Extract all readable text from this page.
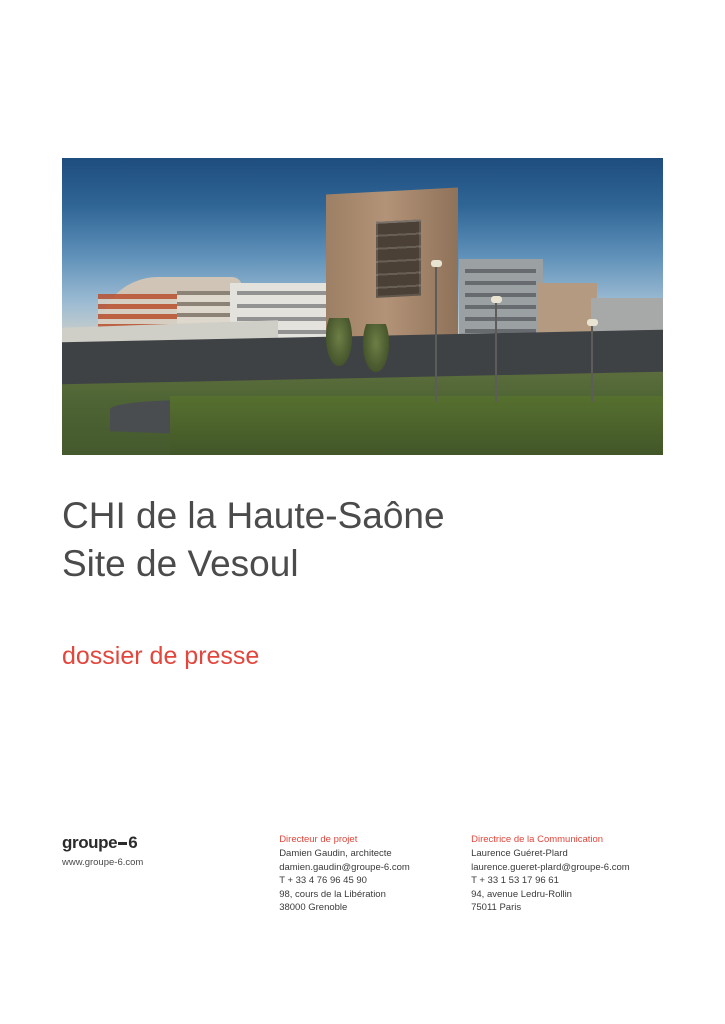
CHI de la Haute-Saône
Site de Vesoul
dossier de presse
groupe 6
www.groupe-6.com
Directeur de projet
Damien Gaudin, architecte
damien.gaudin@groupe-6.com
T + 33 4 76 96 45 90
98, cours de la Libération
38000 Grenoble
Directrice de la Communication
Laurence Guéret-Plard
laurence.gueret-plard@groupe-6.com
T + 33 1 53 17 96 61
94, avenue Ledru-Rollin
75011 Paris
